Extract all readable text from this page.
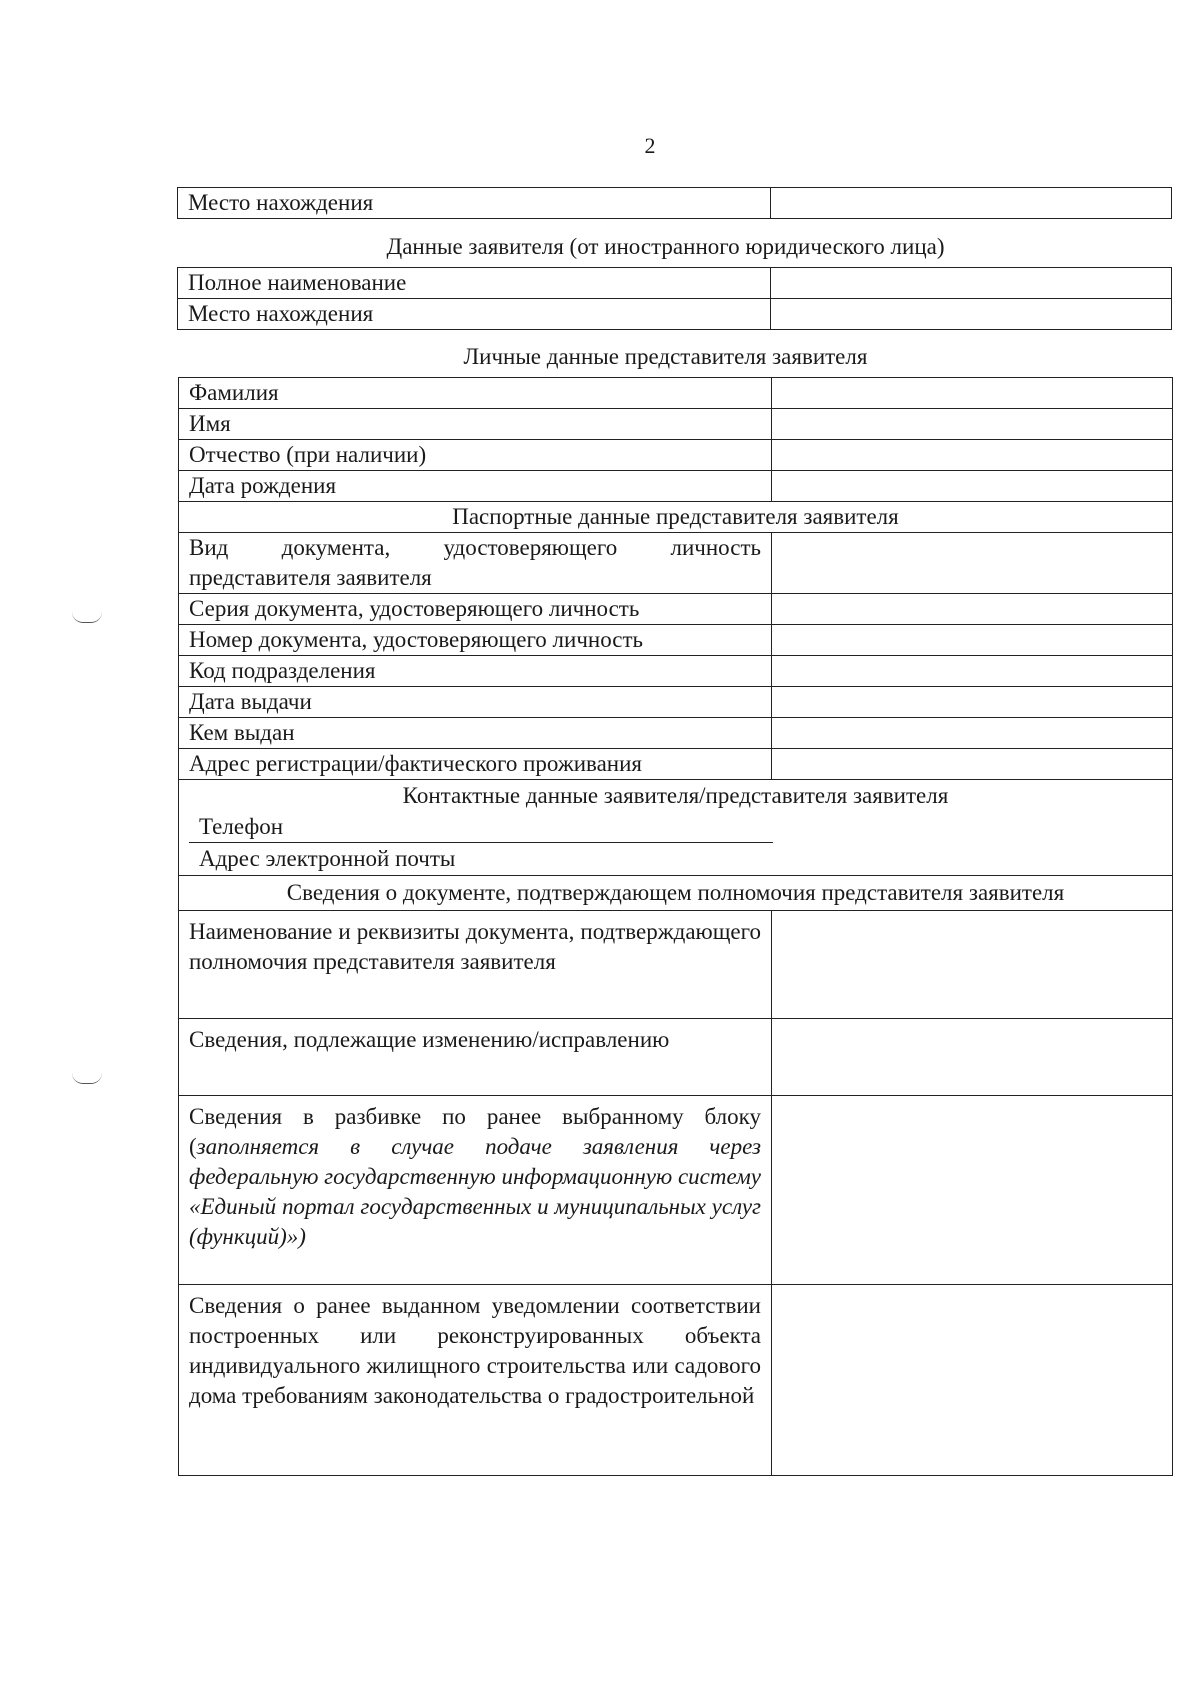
2
Место нахождения	
Данные заявителя (от иностранного юридического лица)
Полное наименование	
Место нахождения	
Личные данные представителя заявителя
Фамилия	
Имя	
Отчество (при наличии)	
Дата рождения	
Паспортные данные представителя заявителя	

Вид документа, удостоверяющего личность представителя заявителя	

Серия документа, удостоверяющего личность	
Номер документа, удостоверяющего личность	
Код подразделения	
Дата выдачи	
Кем выдан	
Адрес регистрации/фактического проживания	

Контактные данные заявителя/представителя заявителя
Телефон
Адрес электронной почты	

Сведения о документе, подтверждающем полномочия представителя заявителя	

Наименование и реквизиты документа, подтверждающего полномочия представителя заявителя	

Сведения, подлежащие изменению/исправлению	

Сведения в разбивке по ранее выбранному блоку (заполняется в случае подаче заявления через федеральную государственную информационную систему «Единый портал государственных и муниципальных услуг (функций)»)	

Сведения о ранее выданном уведомлении соответствии построенных или реконструированных объекта индивидуального жилищного строительства или садового дома требованиям законодательства о градостроительной	
